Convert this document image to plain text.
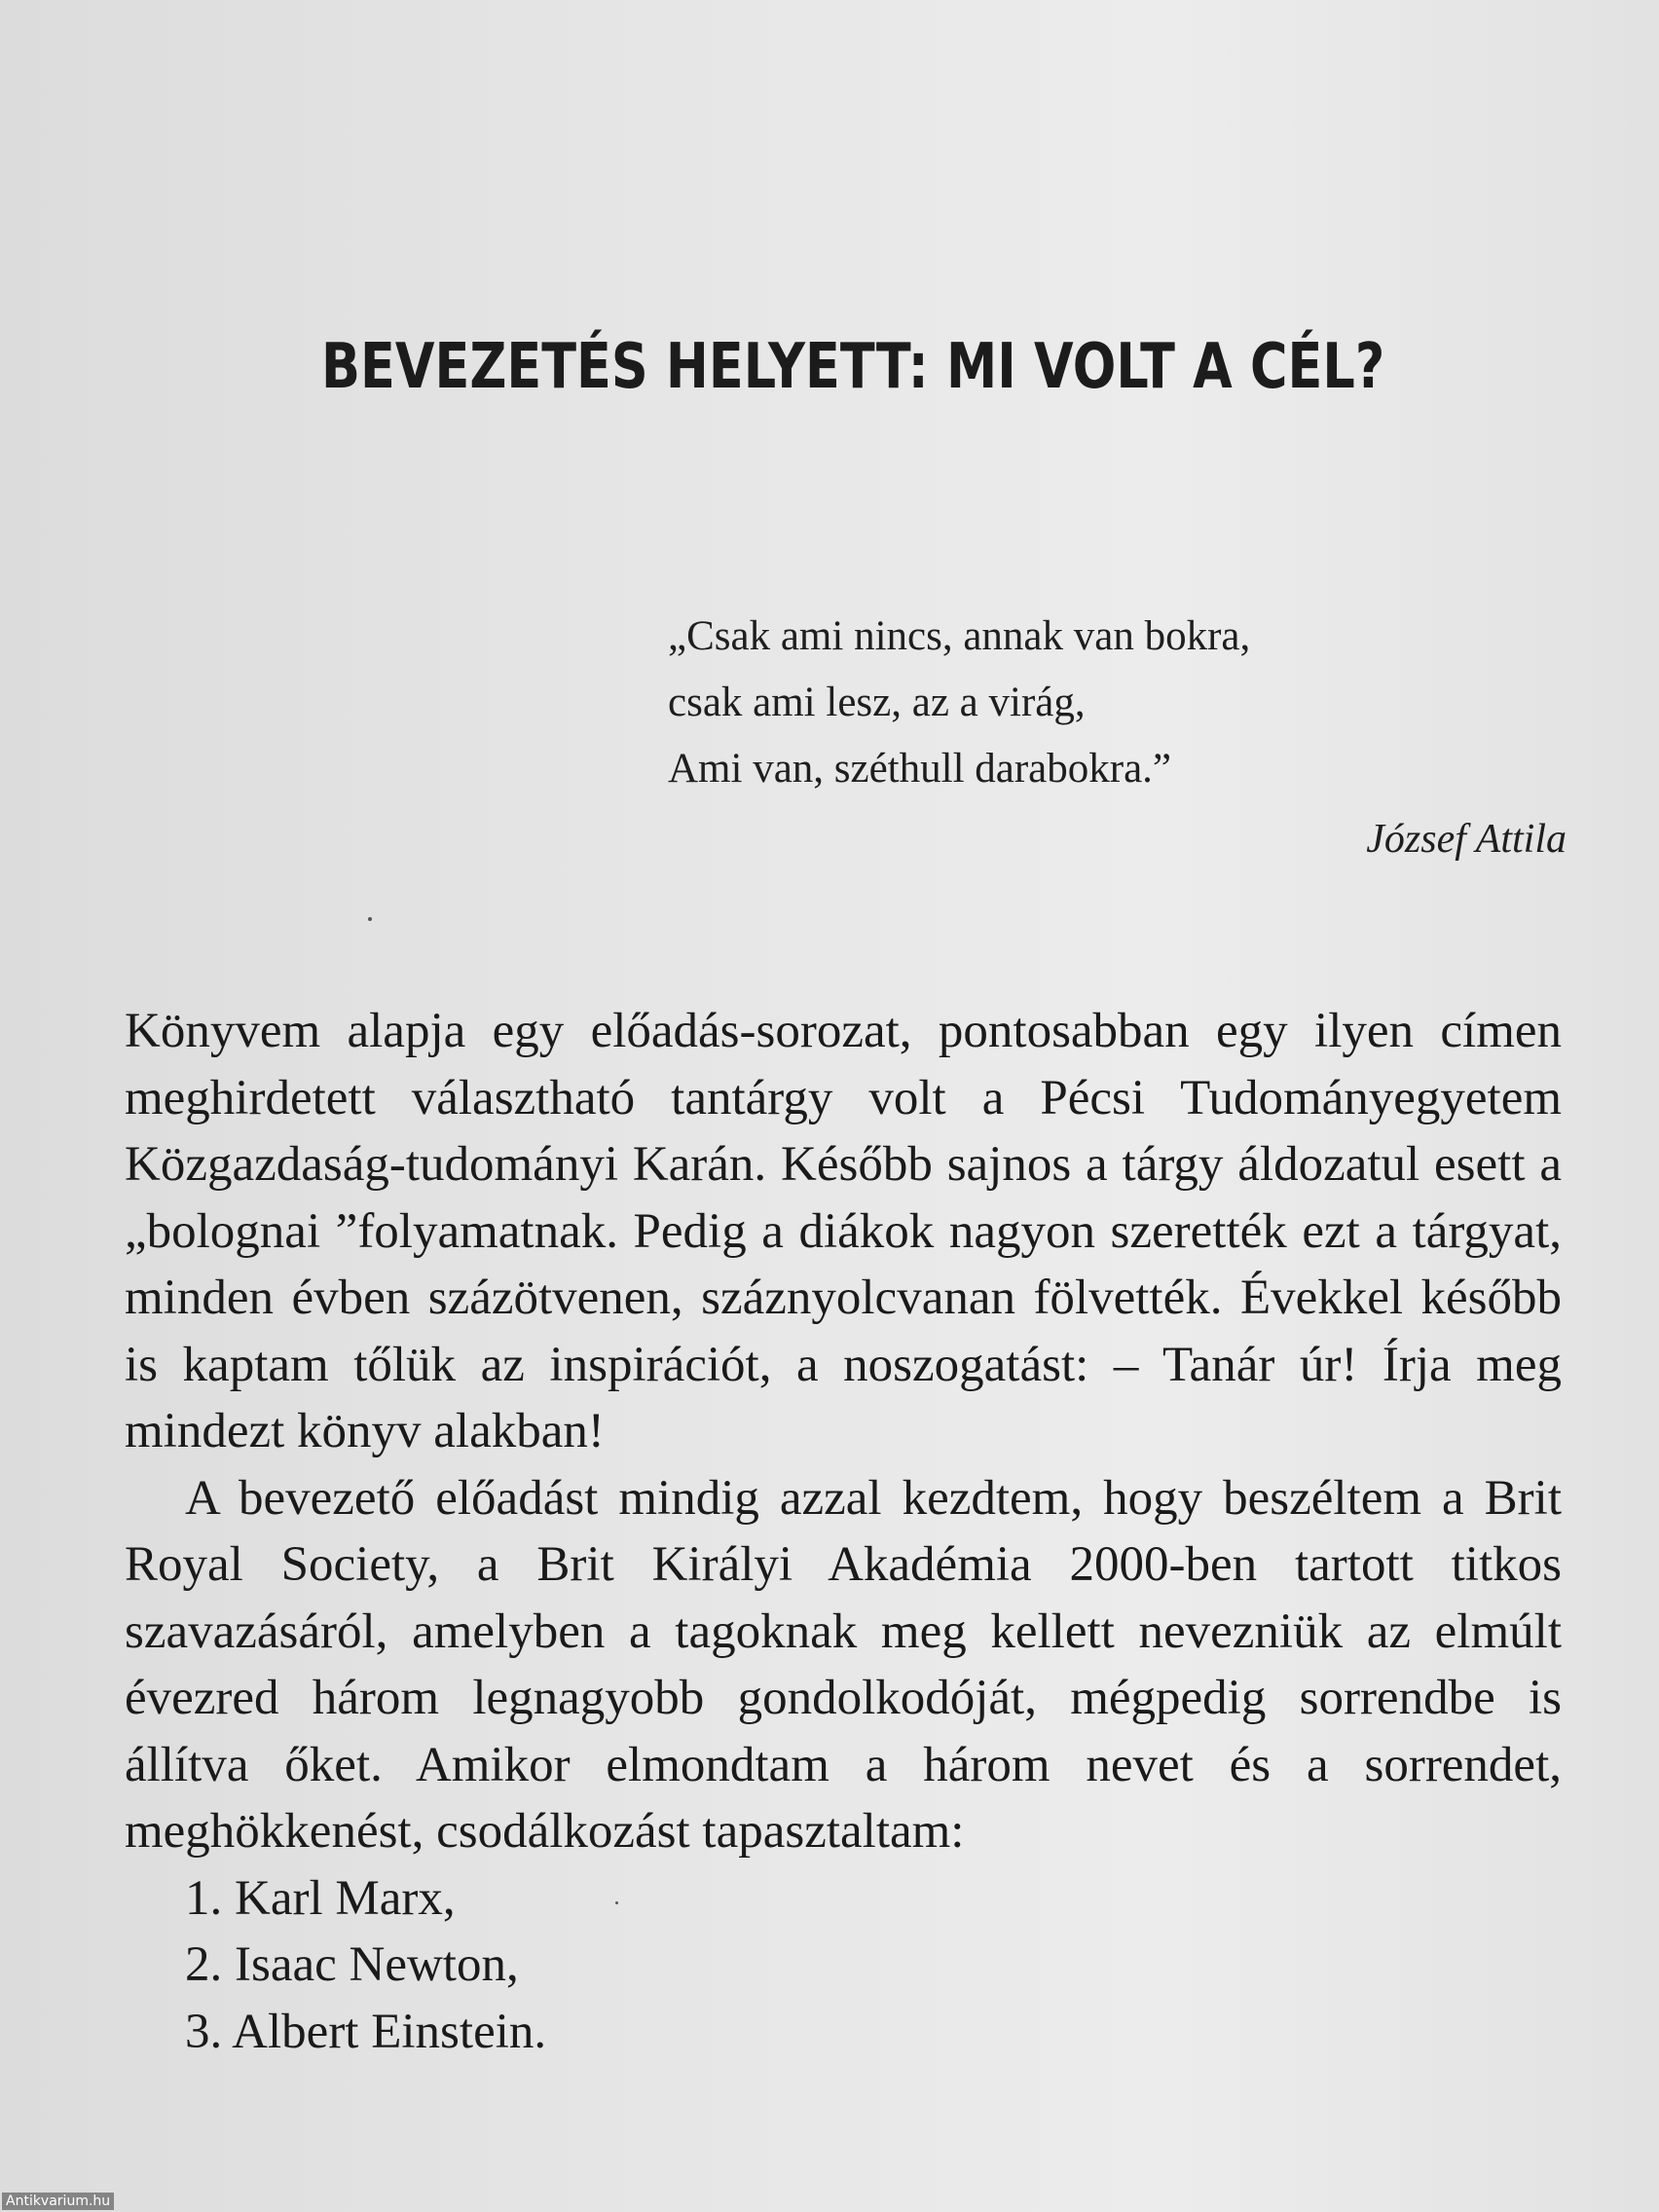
BEVEZETÉS HELYETT: MI VOLT A CÉL?
„Csak ami nincs, annak van bokra,
csak ami lesz, az a virág,
Ami van, széthull darabokra.”
József Attila

Könyvem alapja egy előadás-sorozat, pontosabban egy ilyen címen meghirdetett választható tantárgy volt a Pécsi Tudományegyetem Közgazdaság-tudományi Karán. Később sajnos a tárgy áldozatul esett a „bolognai ”folyamatnak. Pedig a diákok nagyon szerették ezt a tárgyat, minden évben százötvenen, száznyolcvanan fölvették. Évekkel később is kaptam tőlük az inspirációt, a noszogatást: – Tanár úr! Írja meg mindezt könyv alakban!

A bevezető előadást mindig azzal kezdtem, hogy beszéltem a Brit Royal Society, a Brit Királyi Akadémia 2000-ben tartott titkos szavazásáról, amelyben a tagoknak meg kellett nevezniük az elmúlt évezred három legnagyobb gondolkodóját, mégpedig sorrendbe is állítva őket. Amikor elmondtam a három nevet és a sorrendet, meghökkenést, csodálkozást tapasztaltam:

1. Karl Marx,
2. Isaac Newton,
3. Albert Einstein.
Antikvarium.hu
